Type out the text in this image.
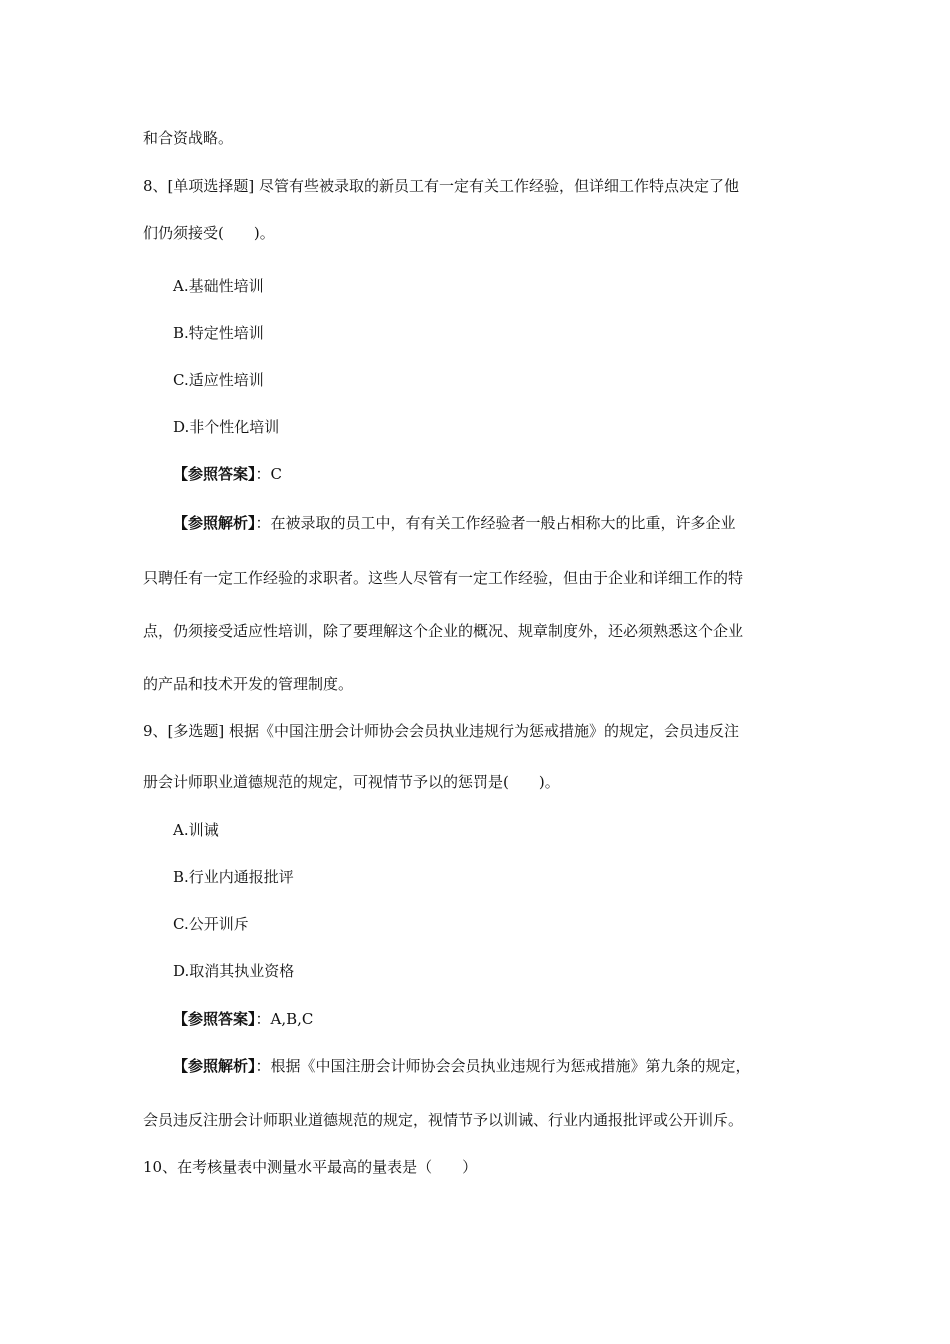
和合资战略。
8、[单项选择题] 尽管有些被录取的新员工有一定有关工作经验，但详细工作特点决定了他
们仍须接受(　　)。
A.基础性培训
B.特定性培训
C.适应性培训
D.非个性化培训
【参照答案】：C
【参照解析】：在被录取的员工中，有有关工作经验者一般占相称大的比重，许多企业
只聘任有一定工作经验的求职者。这些人尽管有一定工作经验，但由于企业和详细工作的特
点，仍须接受适应性培训，除了要理解这个企业的概况、规章制度外，还必须熟悉这个企业
的产品和技术开发的管理制度。
9、[多选题] 根据《中国注册会计师协会会员执业违规行为惩戒措施》的规定，会员违反注
册会计师职业道德规范的规定，可视情节予以的惩罚是(　　)。
A.训诫
B.行业内通报批评
C.公开训斥
D.取消其执业资格
【参照答案】：A,B,C
【参照解析】：根据《中国注册会计师协会会员执业违规行为惩戒措施》第九条的规定，
会员违反注册会计师职业道德规范的规定，视情节予以训诫、行业内通报批评或公开训斥。
10、在考核量表中测量水平最高的量表是（　　）
